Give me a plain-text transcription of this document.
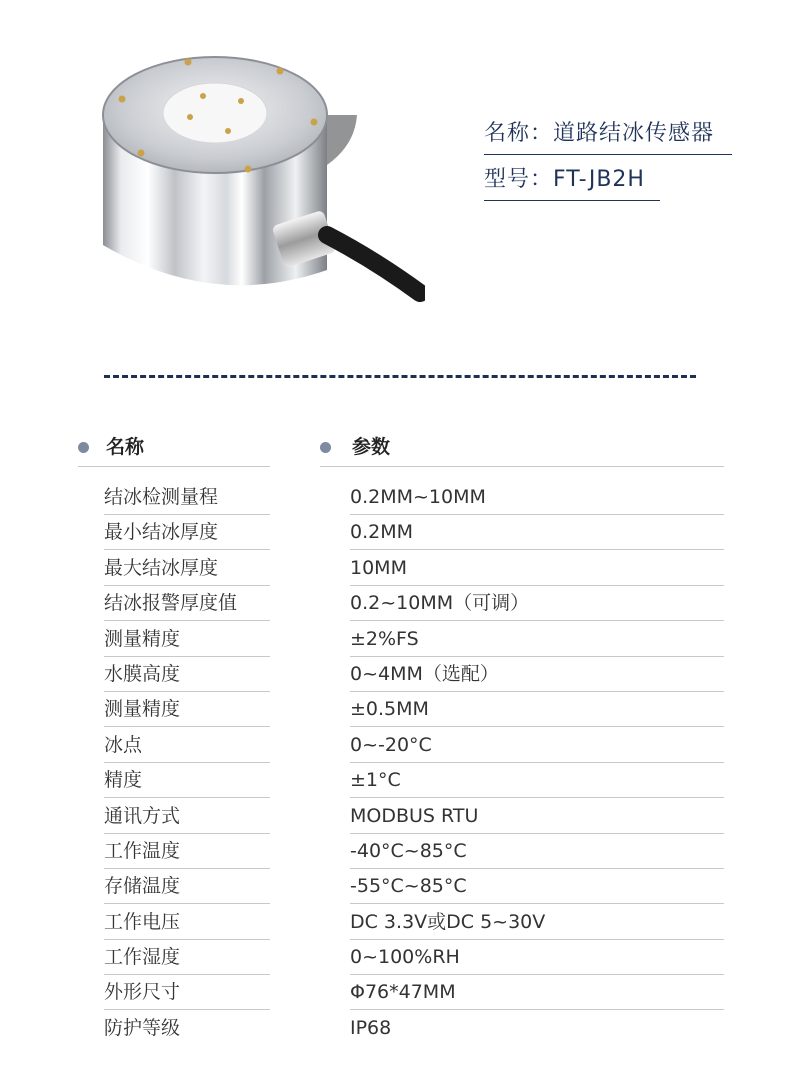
名称：道路结冰传感器
型号：FT-JB2H
名称	参数
结冰检测量程	0.2MM~10MM
最小结冰厚度	0.2MM
最大结冰厚度	10MM
结冰报警厚度值	0.2~10MM（可调）
测量精度	±2%FS
水膜高度	0~4MM（选配）
测量精度	±0.5MM
冰点	0~-20°C
精度	±1°C
通讯方式	MODBUS RTU
工作温度	-40°C~85°C
存储温度	-55°C~85°C
工作电压	DC 3.3V或DC 5~30V
工作湿度	0~100%RH
外形尺寸	Φ76*47MM
防护等级	IP68
